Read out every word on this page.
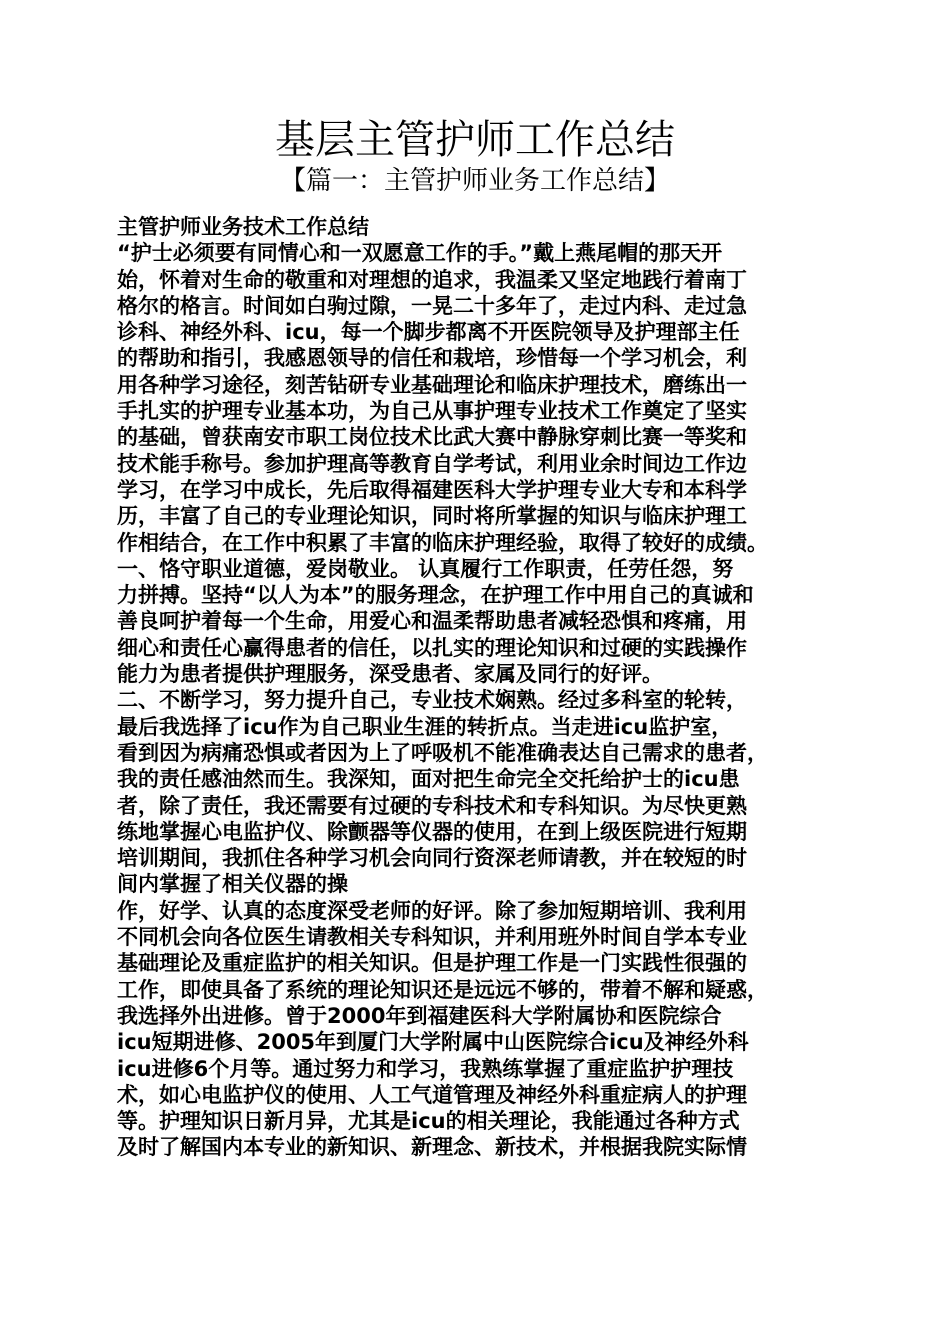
基层主管护师工作总结
【篇一：主管护师业务工作总结】
主管护师业务技术工作总结
“护士必须要有同情心和一双愿意工作的手。”戴上燕尾帽的那天开
始，怀着对生命的敬重和对理想的追求，我温柔又坚定地践行着南丁
格尔的格言。时间如白驹过隙，一晃二十多年了，走过内科、走过急
诊科、神经外科、icu，每一个脚步都离不开医院领导及护理部主任
的帮助和指引，我感恩领导的信任和栽培，珍惜每一个学习机会，利
用各种学习途径，刻苦钻研专业基础理论和临床护理技术，磨练出一
手扎实的护理专业基本功，为自己从事护理专业技术工作奠定了坚实
的基础，曾获南安市职工岗位技术比武大赛中静脉穿刺比赛一等奖和
技术能手称号。参加护理高等教育自学考试，利用业余时间边工作边
学习，在学习中成长，先后取得福建医科大学护理专业大专和本科学
历，丰富了自己的专业理论知识，同时将所掌握的知识与临床护理工
作相结合，在工作中积累了丰富的临床护理经验，取得了较好的成绩。
一、恪守职业道德，爱岗敬业。 认真履行工作职责，任劳任怨，努
力拼搏。坚持“以人为本”的服务理念，在护理工作中用自己的真诚和
善良呵护着每一个生命，用爱心和温柔帮助患者减轻恐惧和疼痛，用
细心和责任心赢得患者的信任，以扎实的理论知识和过硬的实践操作
能力为患者提供护理服务，深受患者、家属及同行的好评。
二、不断学习，努力提升自己，专业技术娴熟。经过多科室的轮转，
最后我选择了icu作为自己职业生涯的转折点。当走进icu监护室，
看到因为病痛恐惧或者因为上了呼吸机不能准确表达自己需求的患者，
我的责任感油然而生。我深知，面对把生命完全交托给护士的icu患
者，除了责任，我还需要有过硬的专科技术和专科知识。为尽快更熟
练地掌握心电监护仪、除颤器等仪器的使用，在到上级医院进行短期
培训期间，我抓住各种学习机会向同行资深老师请教，并在较短的时
间内掌握了相关仪器的操
作，好学、认真的态度深受老师的好评。除了参加短期培训、我利用
不同机会向各位医生请教相关专科知识，并利用班外时间自学本专业
基础理论及重症监护的相关知识。但是护理工作是一门实践性很强的
工作，即使具备了系统的理论知识还是远远不够的，带着不解和疑惑，
我选择外出进修。曾于2000年到福建医科大学附属协和医院综合
icu短期进修、2005年到厦门大学附属中山医院综合icu及神经外科
icu进修6个月等。通过努力和学习，我熟练掌握了重症监护护理技
术，如心电监护仪的使用、人工气道管理及神经外科重症病人的护理
等。护理知识日新月异，尤其是icu的相关理论，我能通过各种方式
及时了解国内本专业的新知识、新理念、新技术，并根据我院实际情
